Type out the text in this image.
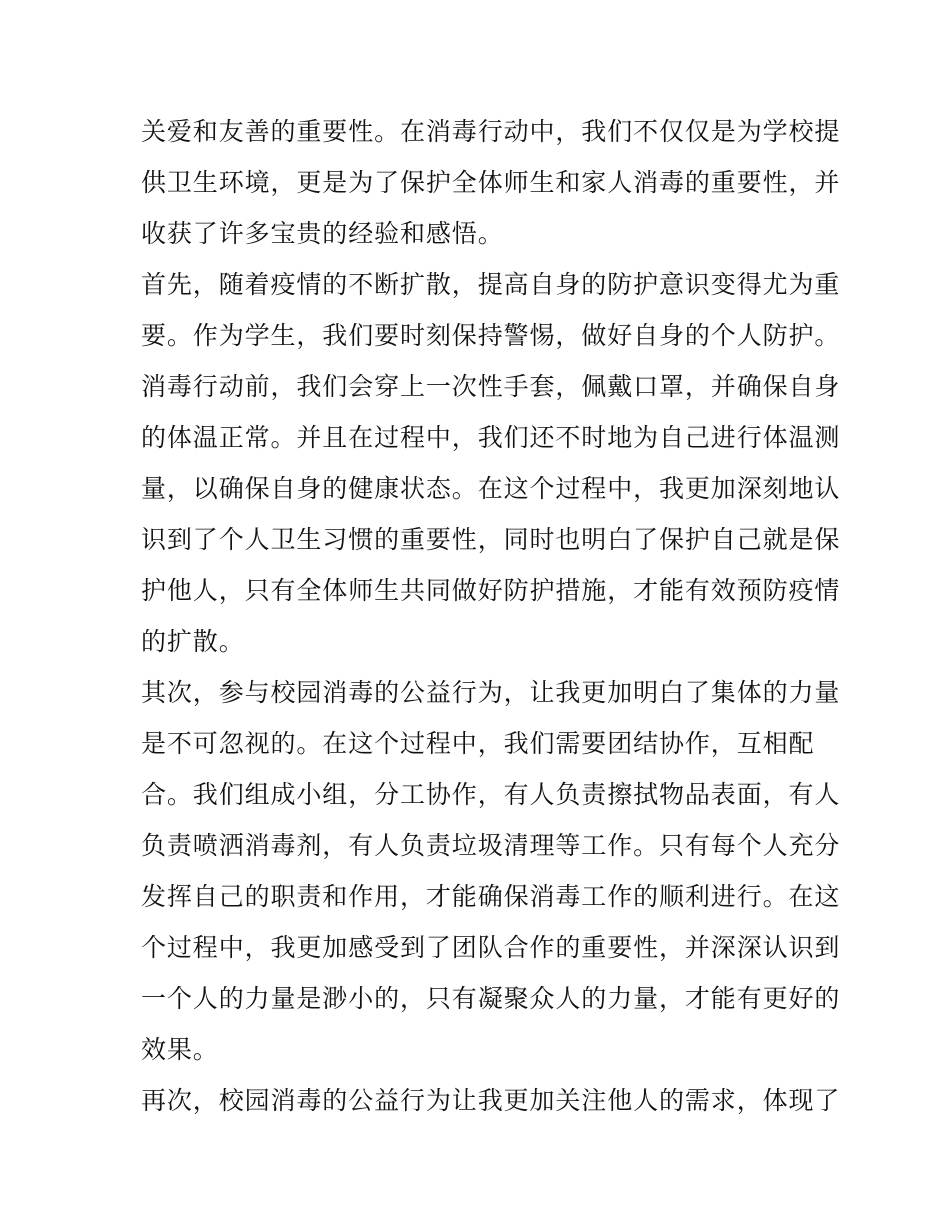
关爱和友善的重要性。在消毒行动中，我们不仅仅是为学校提
供卫生环境，更是为了保护全体师生和家人消毒的重要性，并
收获了许多宝贵的经验和感悟。
首先，随着疫情的不断扩散，提高自身的防护意识变得尤为重
要。作为学生，我们要时刻保持警惕，做好自身的个人防护。
消毒行动前，我们会穿上一次性手套，佩戴口罩，并确保自身
的体温正常。并且在过程中，我们还不时地为自己进行体温测
量，以确保自身的健康状态。在这个过程中，我更加深刻地认
识到了个人卫生习惯的重要性，同时也明白了保护自己就是保
护他人，只有全体师生共同做好防护措施，才能有效预防疫情
的扩散。
其次，参与校园消毒的公益行为，让我更加明白了集体的力量
是不可忽视的。在这个过程中，我们需要团结协作，互相配
合。我们组成小组，分工协作，有人负责擦拭物品表面，有人
负责喷洒消毒剂，有人负责垃圾清理等工作。只有每个人充分
发挥自己的职责和作用，才能确保消毒工作的顺利进行。在这
个过程中，我更加感受到了团队合作的重要性，并深深认识到
一个人的力量是渺小的，只有凝聚众人的力量，才能有更好的
效果。
再次，校园消毒的公益行为让我更加关注他人的需求，体现了
